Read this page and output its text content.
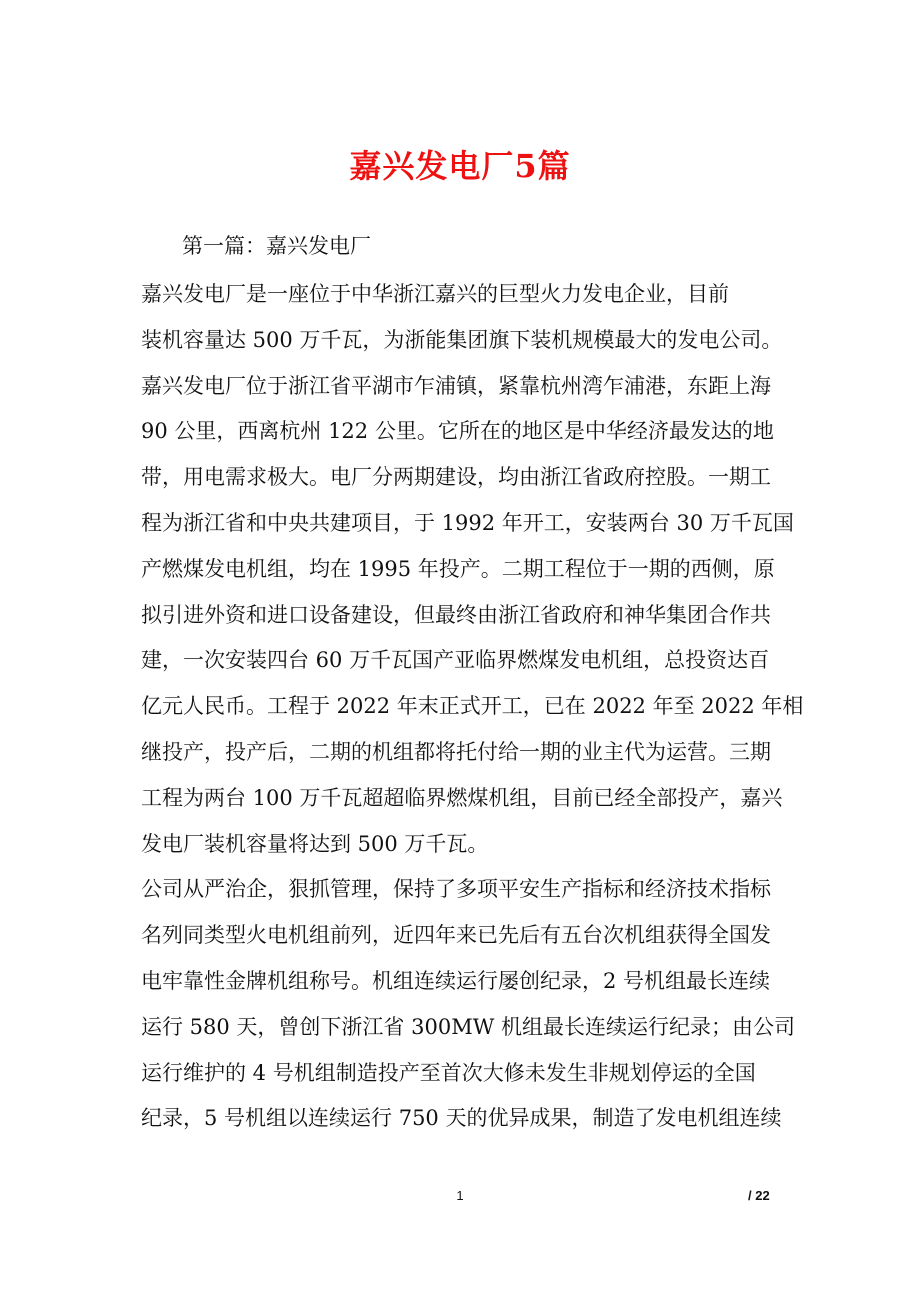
嘉兴发电厂5篇

第一篇：嘉兴发电厂

嘉兴发电厂是一座位于中华浙江嘉兴的巨型火力发电企业，目前
装机容量达 500 万千瓦，为浙能集团旗下装机规模最大的发电公司。
嘉兴发电厂位于浙江省平湖市乍浦镇，紧靠杭州湾乍浦港，东距上海
90 公里，西离杭州 122 公里。它所在的地区是中华经济最发达的地
带，用电需求极大。电厂分两期建设，均由浙江省政府控股。一期工
程为浙江省和中央共建项目，于 1992 年开工，安装两台 30 万千瓦国
产燃煤发电机组，均在 1995 年投产。二期工程位于一期的西侧，原
拟引进外资和进口设备建设，但最终由浙江省政府和神华集团合作共
建，一次安装四台 60 万千瓦国产亚临界燃煤发电机组，总投资达百
亿元人民币。工程于 2022 年末正式开工，已在 2022 年至 2022 年相
继投产，投产后，二期的机组都将托付给一期的业主代为运营。三期
工程为两台 100 万千瓦超超临界燃煤机组，目前已经全部投产，嘉兴
发电厂装机容量将达到 500 万千瓦。
公司从严治企，狠抓管理，保持了多项平安生产指标和经济技术指标
名列同类型火电机组前列，近四年来已先后有五台次机组获得全国发
电牢靠性金牌机组称号。机组连续运行屡创纪录，2 号机组最长连续
运行 580 天，曾创下浙江省 300MW 机组最长连续运行纪录；由公司
运行维护的 4 号机组制造投产至首次大修未发生非规划停运的全国
纪录，5 号机组以连续运行 750 天的优异成果，制造了发电机组连续
1	/ 22
